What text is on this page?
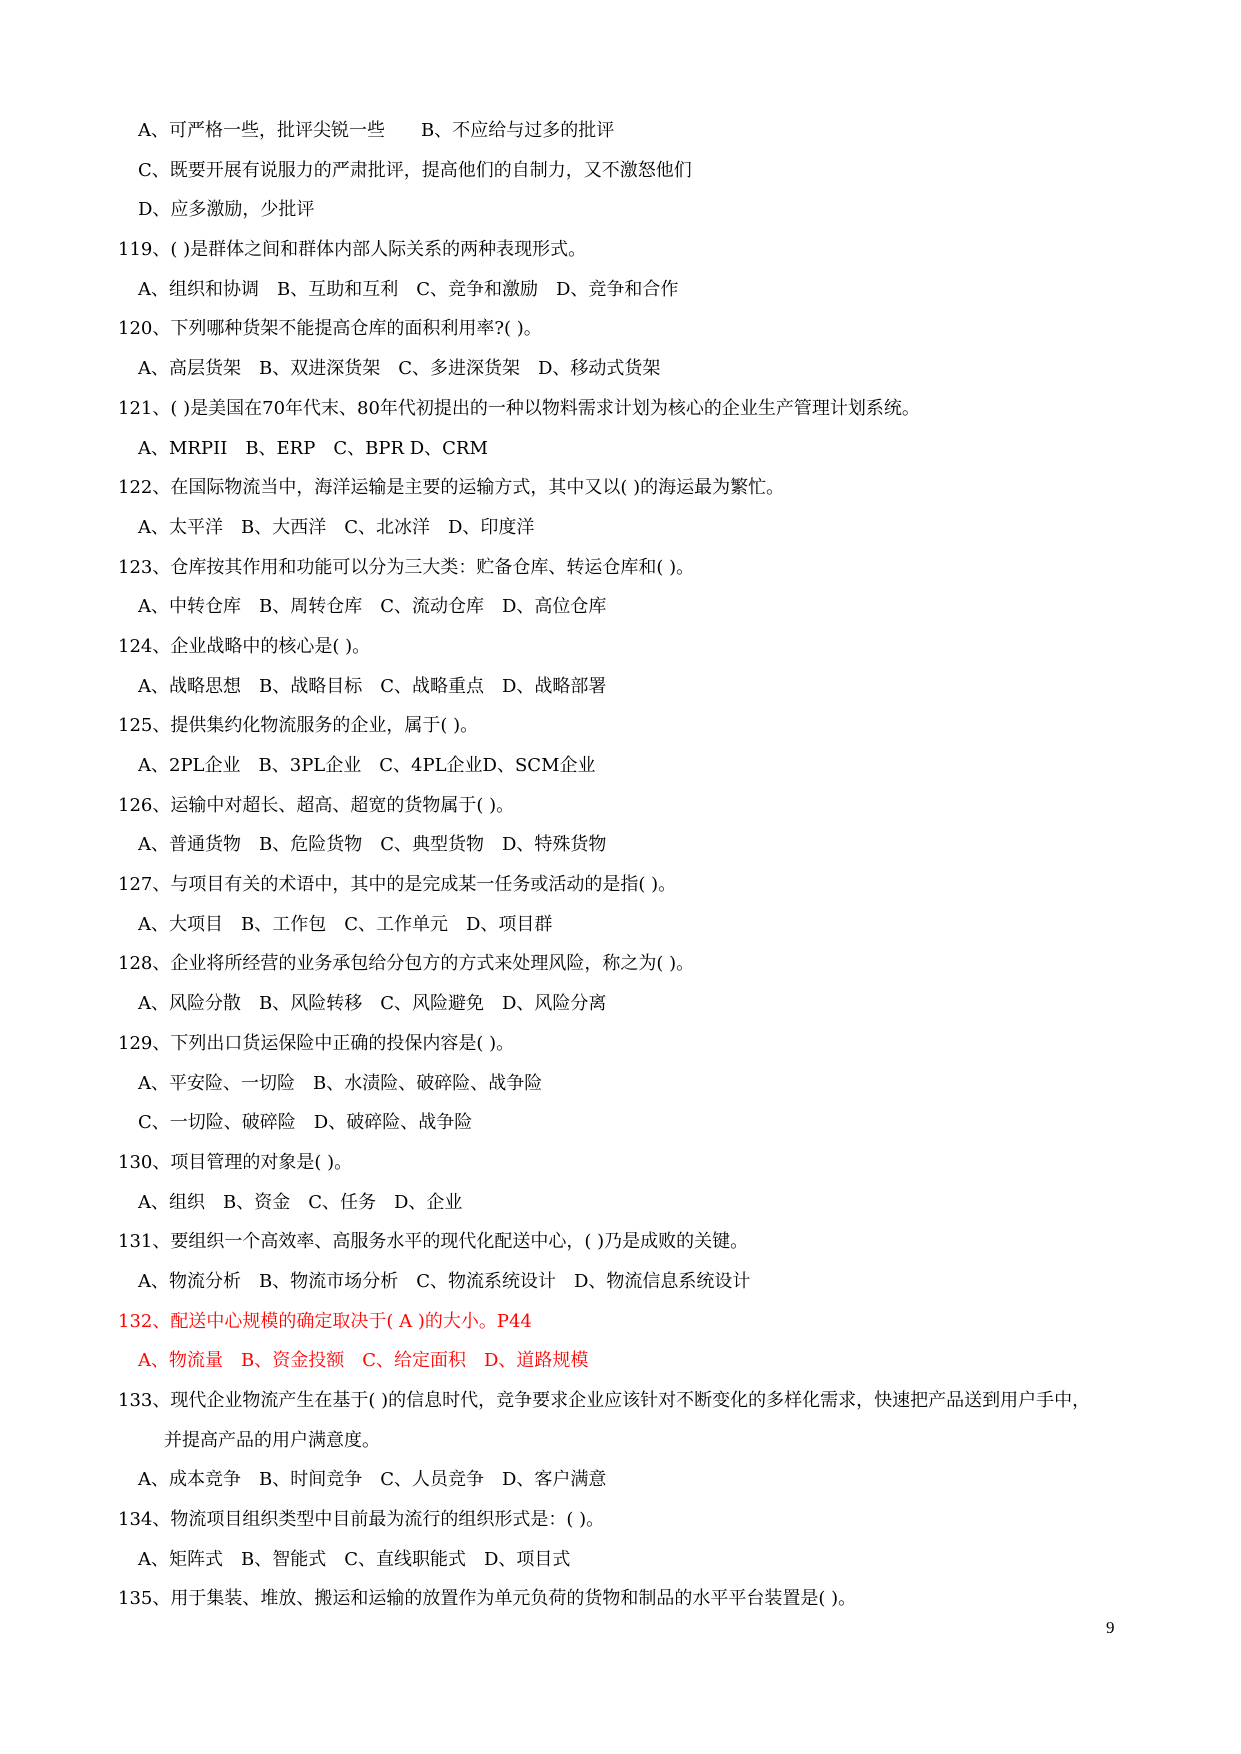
A、可严格一些，批评尖锐一些　　B、不应给与过多的批评
C、既要开展有说服力的严肃批评，提高他们的自制力，又不激怒他们
D、应多激励，少批评
119、( )是群体之间和群体内部人际关系的两种表现形式。
A、组织和协调　B、互助和互利　C、竞争和激励　D、竞争和合作
120、下列哪种货架不能提高仓库的面积利用率?( )。
A、高层货架　B、双进深货架　C、多进深货架　D、移动式货架
121、( )是美国在70年代末、80年代初提出的一种以物料需求计划为核心的企业生产管理计划系统。
A、MRPII　B、ERP　C、BPR D、CRM
122、在国际物流当中，海洋运输是主要的运输方式，其中又以( )的海运最为繁忙。
A、太平洋　B、大西洋　C、北冰洋　D、印度洋
123、仓库按其作用和功能可以分为三大类：贮备仓库、转运仓库和( )。
A、中转仓库　B、周转仓库　C、流动仓库　D、高位仓库
124、企业战略中的核心是( )。
A、战略思想　B、战略目标　C、战略重点　D、战略部署
125、提供集约化物流服务的企业，属于( )。
A、2PL企业　B、3PL企业　C、4PL企业D、SCM企业
126、运输中对超长、超高、超宽的货物属于( )。
A、普通货物　B、危险货物　C、典型货物　D、特殊货物
127、与项目有关的术语中，其中的是完成某一任务或活动的是指( )。
A、大项目　B、工作包　C、工作单元　D、项目群
128、企业将所经营的业务承包给分包方的方式来处理风险，称之为( )。
A、风险分散　B、风险转移　C、风险避免　D、风险分离
129、下列出口货运保险中正确的投保内容是( )。
A、平安险、一切险　B、水渍险、破碎险、战争险
C、一切险、破碎险　D、破碎险、战争险
130、项目管理的对象是( )。
A、组织　B、资金　C、任务　D、企业
131、要组织一个高效率、高服务水平的现代化配送中心，( )乃是成败的关键。
A、物流分析　B、物流市场分析　C、物流系统设计　D、物流信息系统设计
132、配送中心规模的确定取决于( A )的大小。P44
A、物流量　B、资金投额　C、给定面积　D、道路规模
133、现代企业物流产生在基于( )的信息时代，竞争要求企业应该针对不断变化的多样化需求，快速把产品送到用户手中，
并提高产品的用户满意度。
A、成本竞争　B、时间竞争　C、人员竞争　D、客户满意
134、物流项目组织类型中目前最为流行的组织形式是：( )。
A、矩阵式　B、智能式　C、直线职能式　D、项目式
135、用于集装、堆放、搬运和运输的放置作为单元负荷的货物和制品的水平平台装置是( )。
9
